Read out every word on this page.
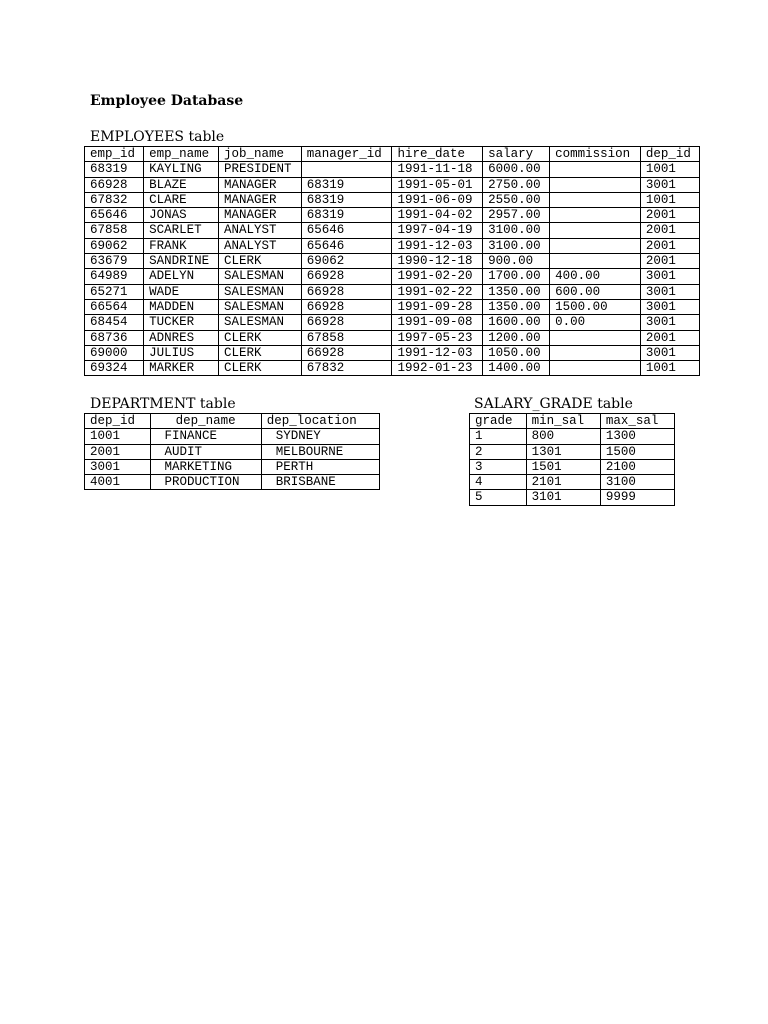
Employee Database

EMPLOYEES table

emp_id	emp_name	job_name	manager_id	hire_date	salary	commission	dep_id
68319	KAYLING	PRESIDENT		1991-11-18	6000.00		1001
66928	BLAZE	MANAGER	68319	1991-05-01	2750.00		3001
67832	CLARE	MANAGER	68319	1991-06-09	2550.00		1001
65646	JONAS	MANAGER	68319	1991-04-02	2957.00		2001
67858	SCARLET	ANALYST	65646	1997-04-19	3100.00		2001
69062	FRANK	ANALYST	65646	1991-12-03	3100.00		2001
63679	SANDRINE	CLERK	69062	1990-12-18	900.00		2001
64989	ADELYN	SALESMAN	66928	1991-02-20	1700.00	400.00	3001
65271	WADE	SALESMAN	66928	1991-02-22	1350.00	600.00	3001
66564	MADDEN	SALESMAN	66928	1991-09-28	1350.00	1500.00	3001
68454	TUCKER	SALESMAN	66928	1991-09-08	1600.00	0.00	3001
68736	ADNRES	CLERK	67858	1997-05-23	1200.00		2001
69000	JULIUS	CLERK	66928	1991-12-03	1050.00		3001
69324	MARKER	CLERK	67832	1992-01-23	1400.00		1001

DEPARTMENT table

dep_id	dep_name	dep_location
1001	FINANCE	SYDNEY
2001	AUDIT	MELBOURNE
3001	MARKETING	PERTH
4001	PRODUCTION	BRISBANE

SALARY_GRADE table

grade	min_sal	max_sal
1	800	1300
2	1301	1500
3	1501	2100
4	2101	3100
5	3101	9999
